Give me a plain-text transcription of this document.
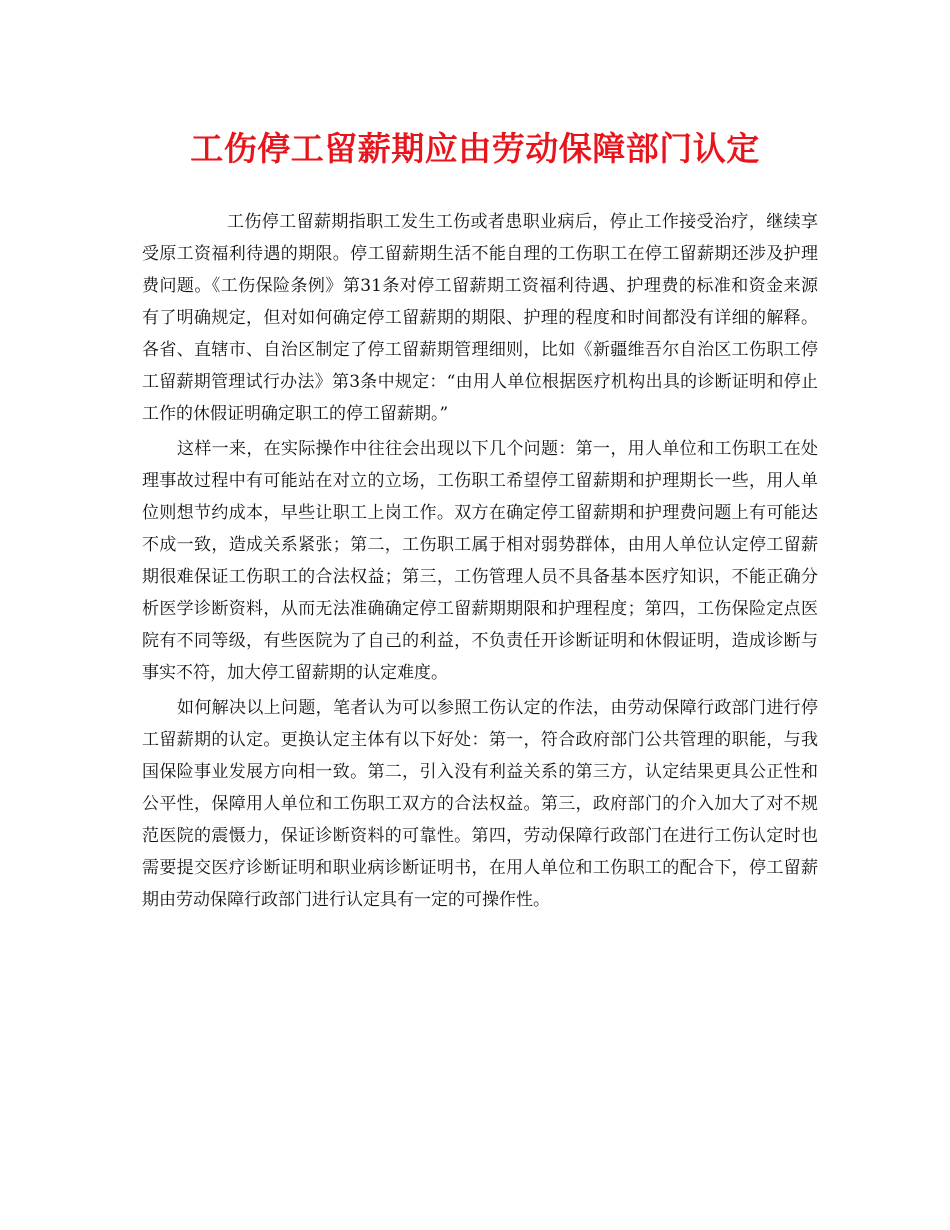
工伤停工留薪期应由劳动保障部门认定

工伤停工留薪期指职工发生工伤或者患职业病后，停止工作接受治疗，继续享受原工资福利待遇的期限。停工留薪期生活不能自理的工伤职工在停工留薪期还涉及护理费问题。《工伤保险条例》第31条对停工留薪期工资福利待遇、护理费的标准和资金来源有了明确规定，但对如何确定停工留薪期的期限、护理的程度和时间都没有详细的解释。各省、直辖市、自治区制定了停工留薪期管理细则，比如《新疆维吾尔自治区工伤职工停工留薪期管理试行办法》第3条中规定：“由用人单位根据医疗机构出具的诊断证明和停止工作的休假证明确定职工的停工留薪期。”

这样一来，在实际操作中往往会出现以下几个问题：第一，用人单位和工伤职工在处理事故过程中有可能站在对立的立场，工伤职工希望停工留薪期和护理期长一些，用人单位则想节约成本，早些让职工上岗工作。双方在确定停工留薪期和护理费问题上有可能达不成一致，造成关系紧张；第二，工伤职工属于相对弱势群体，由用人单位认定停工留薪期很难保证工伤职工的合法权益；第三，工伤管理人员不具备基本医疗知识，不能正确分析医学诊断资料，从而无法准确确定停工留薪期期限和护理程度；第四，工伤保险定点医院有不同等级，有些医院为了自己的利益，不负责任开诊断证明和休假证明，造成诊断与事实不符，加大停工留薪期的认定难度。

如何解决以上问题，笔者认为可以参照工伤认定的作法，由劳动保障行政部门进行停工留薪期的认定。更换认定主体有以下好处：第一，符合政府部门公共管理的职能，与我国保险事业发展方向相一致。第二，引入没有利益关系的第三方，认定结果更具公正性和公平性，保障用人单位和工伤职工双方的合法权益。第三，政府部门的介入加大了对不规范医院的震慑力，保证诊断资料的可靠性。第四，劳动保障行政部门在进行工伤认定时也需要提交医疗诊断证明和职业病诊断证明书，在用人单位和工伤职工的配合下，停工留薪期由劳动保障行政部门进行认定具有一定的可操作性。
